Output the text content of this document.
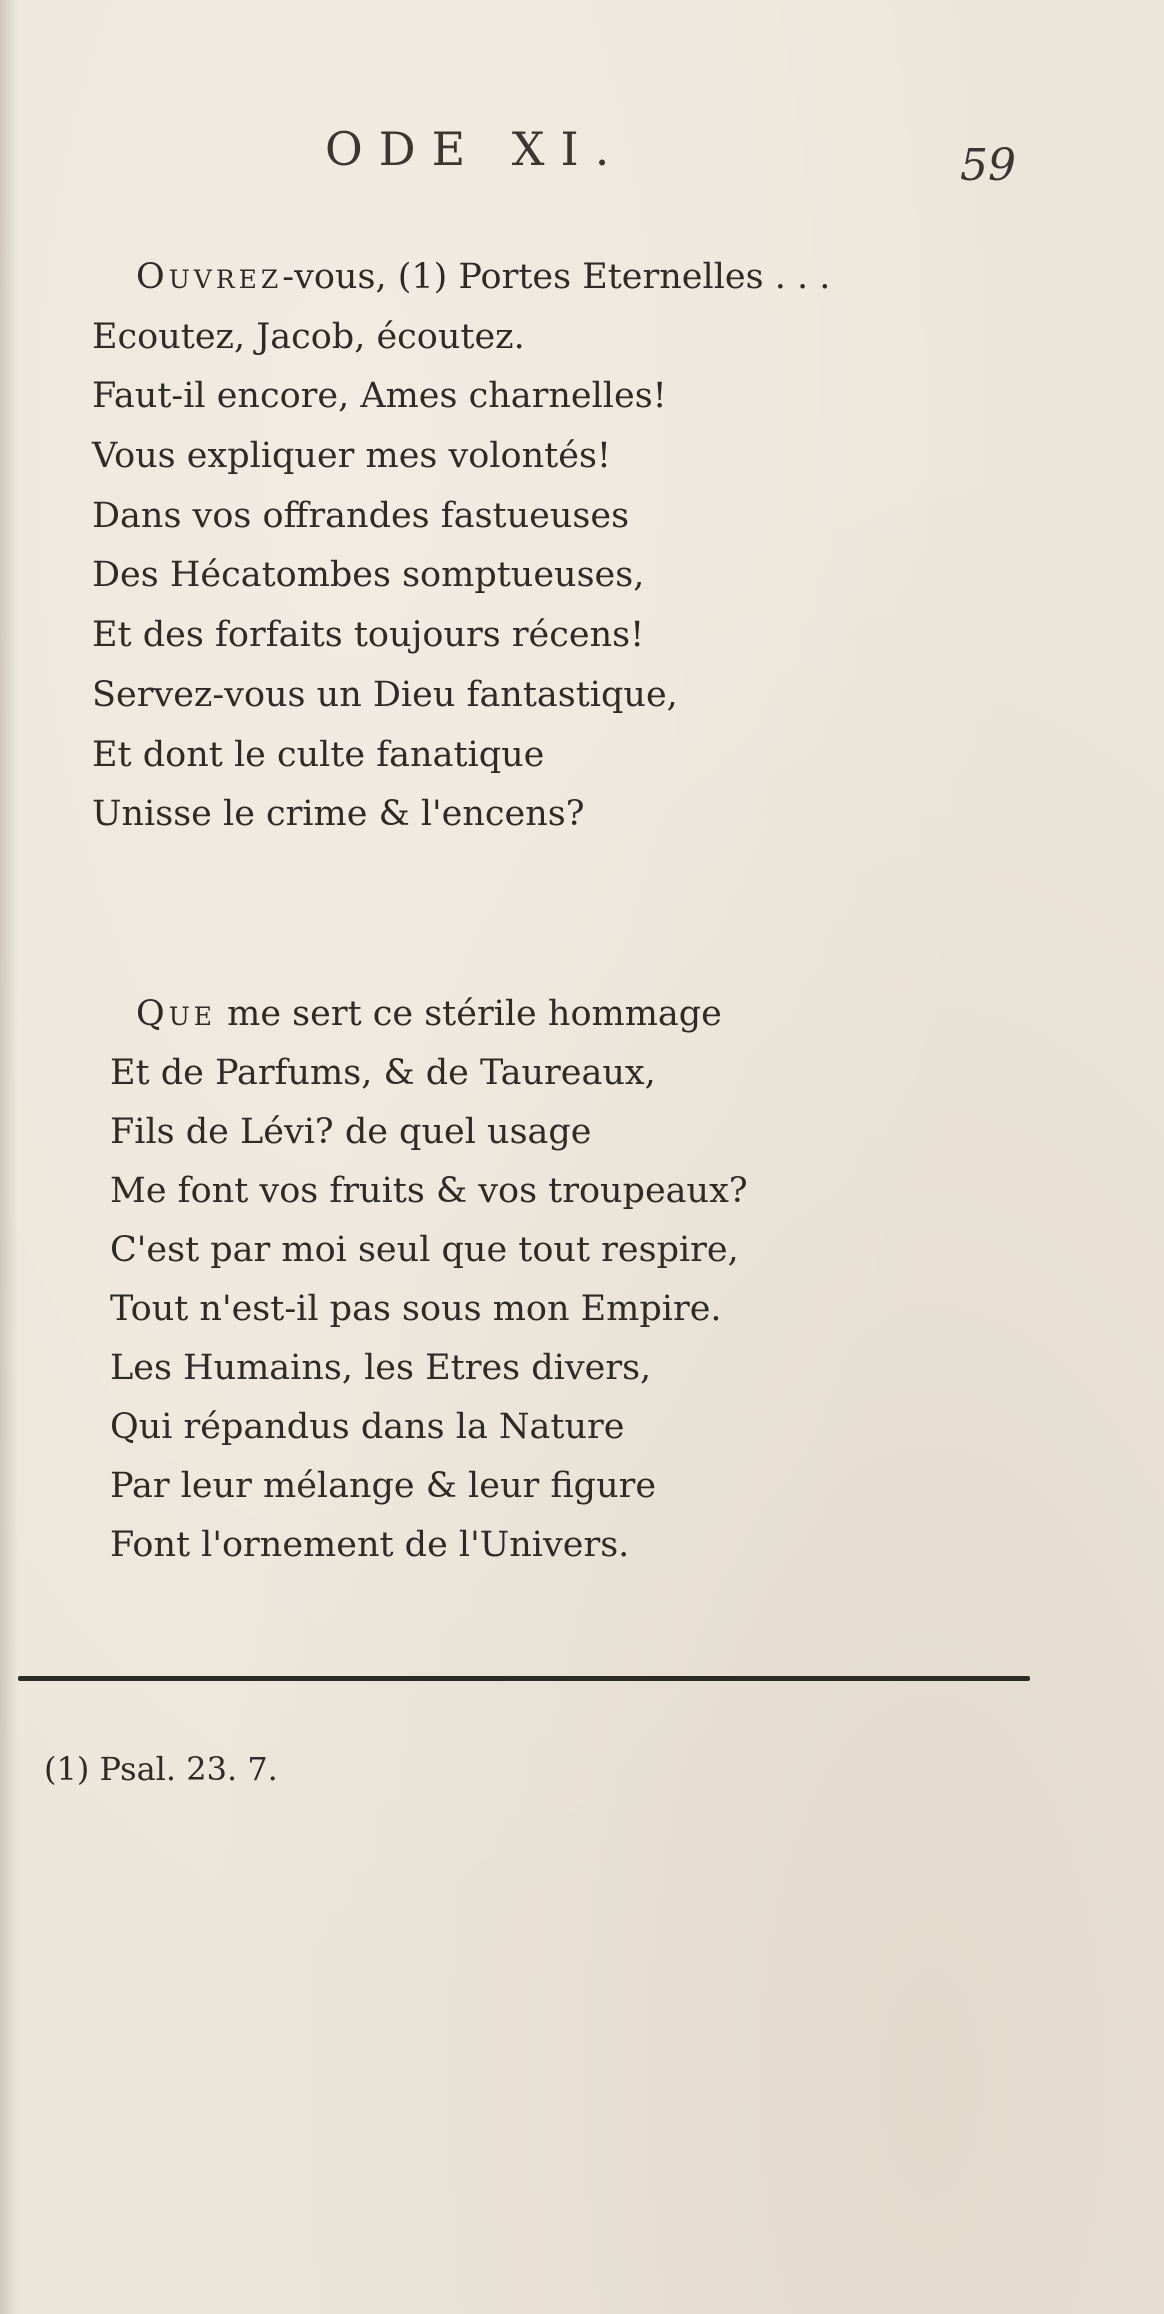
ODE XI.	59
Ouvrez-vous, (1) Portes Eternelles . . .
Ecoutez, Jacob, écoutez.
Faut-il encore, Ames charnelles!
Vous expliquer mes volontés!
Dans vos offrandes fastueuses
Des Hécatombes somptueuses,
Et des forfaits toujours récens!
Servez-vous un Dieu fantastique,
Et dont le culte fanatique
Unisse le crime & l'encens?
Que me sert ce stérile hommage
Et de Parfums, & de Taureaux,
Fils de Lévi? de quel usage
Me font vos fruits & vos troupeaux?
C'est par moi seul que tout respire,
Tout n'est-il pas sous mon Empire.
Les Humains, les Etres divers,
Qui répandus dans la Nature
Par leur mélange & leur figure
Font l'ornement de l'Univers.
(1) Psal. 23. 7.
